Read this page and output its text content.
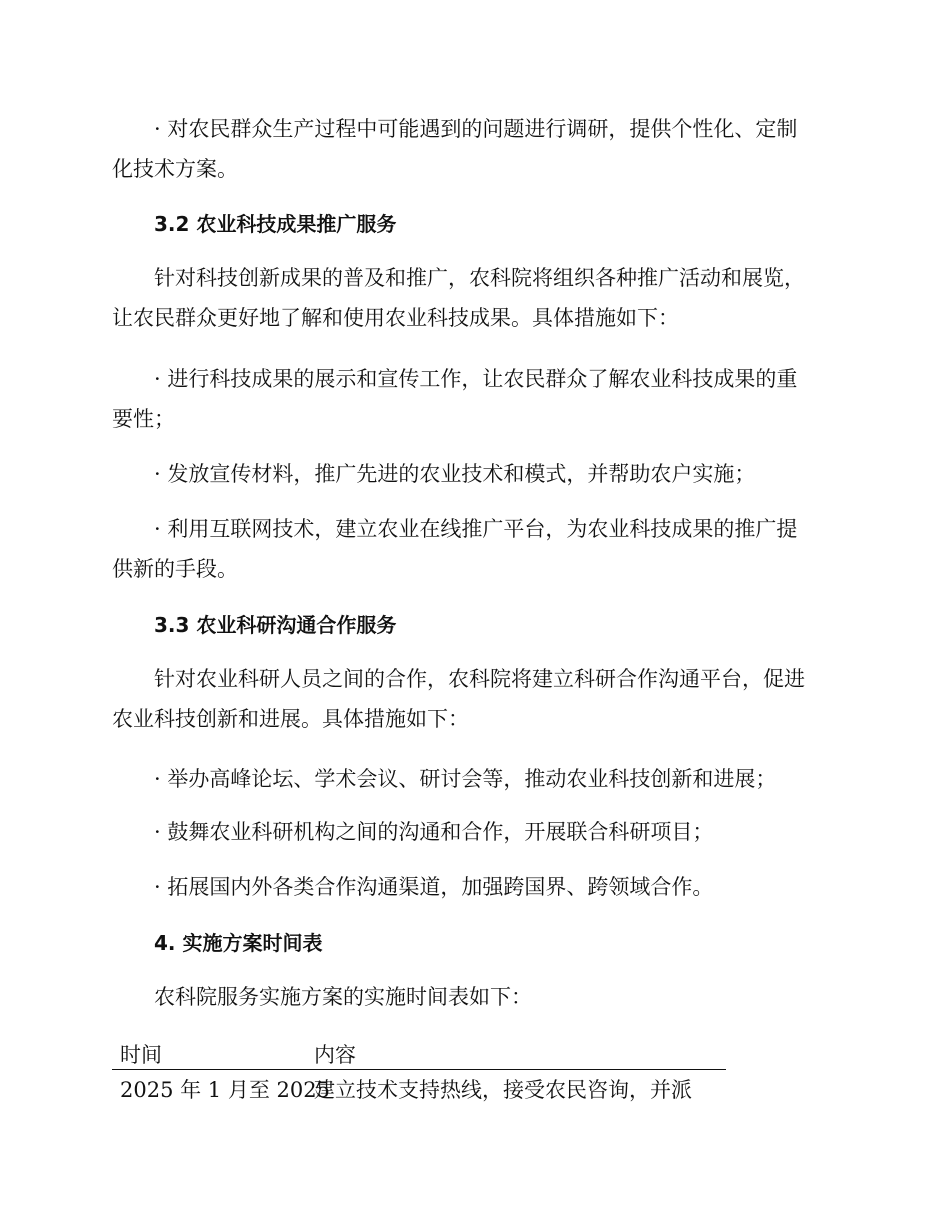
· 对农民群众生产过程中可能遇到的问题进行调研，提供个性化、定制
化技术方案。
3.2 农业科技成果推广服务
针对科技创新成果的普及和推广，农科院将组织各种推广活动和展览，
让农民群众更好地了解和使用农业科技成果。具体措施如下：
· 进行科技成果的展示和宣传工作，让农民群众了解农业科技成果的重
要性；
· 发放宣传材料，推广先进的农业技术和模式，并帮助农户实施；
· 利用互联网技术，建立农业在线推广平台，为农业科技成果的推广提
供新的手段。
3.3 农业科研沟通合作服务
针对农业科研人员之间的合作，农科院将建立科研合作沟通平台，促进
农业科技创新和进展。具体措施如下：
· 举办高峰论坛、学术会议、研讨会等，推动农业科技创新和进展；
· 鼓舞农业科研机构之间的沟通和合作，开展联合科研项目；
· 拓展国内外各类合作沟通渠道，加强跨国界、跨领域合作。
4. 实施方案时间表
农科院服务实施方案的实施时间表如下：
时间	内容
2025 年 1 月至 2025
建立技术支持热线，接受农民咨询，并派
